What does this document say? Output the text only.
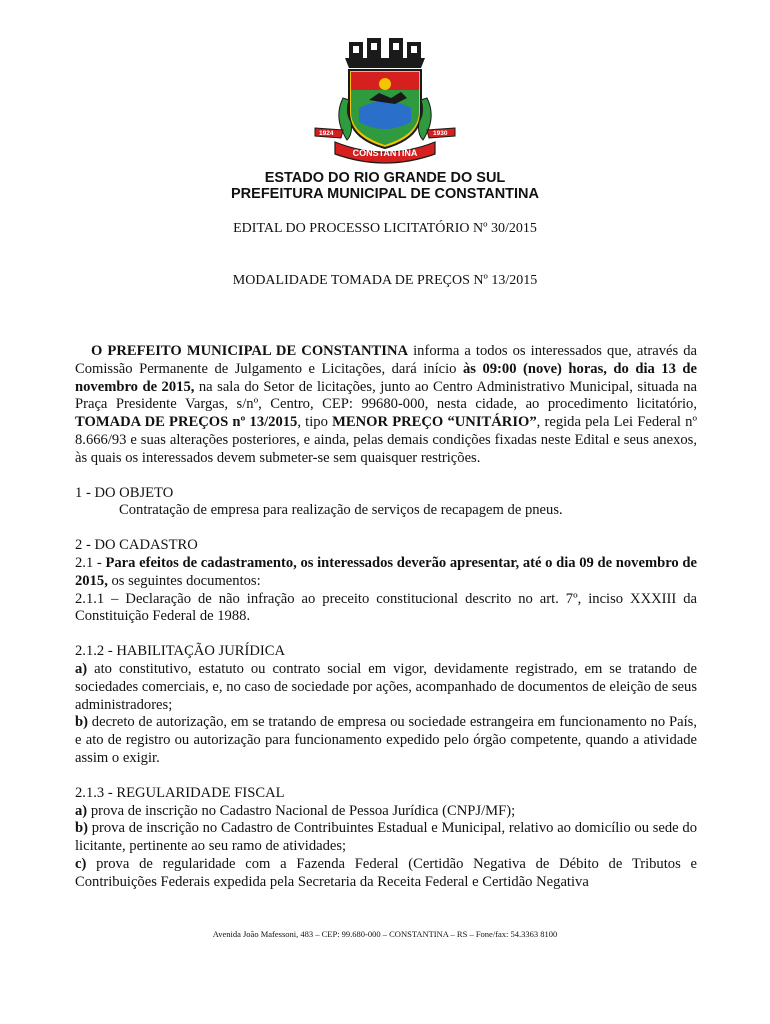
1924	1930
CONSTANTINA
ESTADO DO RIO GRANDE DO SUL
PREFEITURA MUNICIPAL DE CONSTANTINA
EDITAL DO PROCESSO LICITATÓRIO Nº 30/2015
MODALIDADE TOMADA DE PREÇOS Nº 13/2015

O PREFEITO MUNICIPAL DE CONSTANTINA informa a todos os interessados que, através da Comissão Permanente de Julgamento e Licitações, dará início às 09:00 (nove) horas, do dia 13 de novembro de 2015, na sala do Setor de licitações, junto ao Centro Administrativo Municipal, situada na Praça Presidente Vargas, s/nº, Centro, CEP: 99680-000, nesta cidade, ao procedimento licitatório, TOMADA DE PREÇOS nº 13/2015, tipo MENOR PREÇO “UNITÁRIO”, regida pela Lei Federal nº 8.666/93 e suas alterações posteriores, e ainda, pelas demais condições fixadas neste Edital e seus anexos, às quais os interessados devem submeter-se sem quaisquer restrições.

1 - DO OBJETO

Contratação de empresa para realização de serviços de recapagem de pneus.

2 - DO CADASTRO

2.1 - Para efeitos de cadastramento, os interessados deverão apresentar, até o dia 09 de novembro de 2015, os seguintes documentos:

2.1.1 – Declaração de não infração ao preceito constitucional descrito no art. 7º, inciso XXXIII da Constituição Federal de 1988.

2.1.2 - HABILITAÇÃO JURÍDICA

a) ato constitutivo, estatuto ou contrato social em vigor, devidamente registrado, em se tratando de sociedades comerciais, e, no caso de sociedade por ações, acompanhado de documentos de eleição de seus administradores;

b) decreto de autorização, em se tratando de empresa ou sociedade estrangeira em funcionamento no País, e ato de registro ou autorização para funcionamento expedido pelo órgão competente, quando a atividade assim o exigir.

2.1.3 - REGULARIDADE FISCAL

a) prova de inscrição no Cadastro Nacional de Pessoa Jurídica (CNPJ/MF);

b) prova de inscrição no Cadastro de Contribuintes Estadual e Municipal, relativo ao domicílio ou sede do licitante, pertinente ao seu ramo de atividades;

c) prova de regularidade com a Fazenda Federal (Certidão Negativa de Débito de Tributos e Contribuições Federais expedida pela Secretaria da Receita Federal e Certidão Negativa

Avenida João Mafessoni, 483 – CEP: 99.680-000 – CONSTANTINA – RS – Fone/fax: 54.3363 8100
